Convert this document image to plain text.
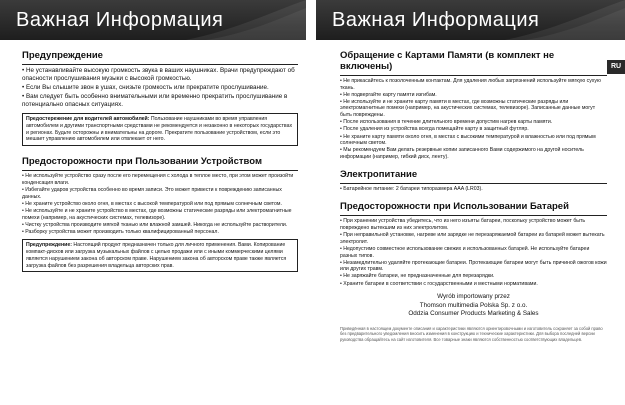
Важная Информация
Предупреждение

• Не устанавливайте высокую громкость звука в ваших наушниках. Врачи предупреждают об опасности прослушивания музыки с высокой громкостью.

• Если Вы слышите звон в ушах, снизьте громкость или прекратите прослушивание.

• Вам следует быть особенно внимательными или временно прекратить прослушивание в потенциально опасных ситуациях.

Предостережение для водителей автомобилей: Пользование наушниками во время управления автомобилем и другими транспортными средствами не рекомендуется и незаконно в некоторых государствах и регионах. Будьте осторожны и внимательны на дороге. Прекратите пользование устройством, если это мешает управлению автомобилем или отвлекает от него.

Предосторожности при Пользовании Устройством

• Не используйте устройство сразу после его перемещения с холода в теплое место, при этом может произойти конденсация влаги.

• Избегайте ударов устройства особенно во время записи. Это может привести к повреждению записанных данных.

• Не храните устройство около огня, в местах с высокой температурой или под прямым солнечным светом.

• Не используйте и не храните устройство в местах, где возможны статические разряды или электромагнитные помехи (например, на акустических системах, телевизоре).

• Чистку устройства производите мягкой тканью или влажной замшей. Никогда не используйте растворители.

• Разборку устройства может производить только квалифицированный персонал.

Предупреждение: Настоящий продукт предназначен только для личного применения. Вами. Копирование компакт-дисков или загрузка музыкальных файлов с целью продажи или с иными коммерческими целями является нарушением закона об авторском праве. Нарушением закона об авторском праве также является загрузка файлов без разрешения владельца авторских прав.

Важная Информация
RU
Обращение с Картами Памяти (в комплект не включены)

• Не прикасайтесь к позолоченным контактам. Для удаления любых загрязнений используйте мягкую сухую ткань.

• Не подвергайте карту памяти изгибам.

• Не используйте и не храните карту памяти в местах, где возможны статические разряды или электромагнитные помехи (например, на акустических системах, телевизоре). Записанные данные могут быть повреждены.

• После использования в течение длительного времени допустим нагрев карты памяти.

• После удаления из устройства всегда помещайте карту в защитный футляр.

• Не храните карту памяти около огня, в местах с высокими температурой и влажностью или под прямым солнечным светом.

• Мы рекомендуем Вам делать резервные копии записанного Вами содержимого на другой носитель информации (например, гибкий диск, ленту).

Электропитание

• Батарейное питание: 2 батареи типоразмера AAA (LR03).

Предосторожности при Использовании Батарей

• При хранении устройства убедитесь, что из него изъяты батареи, поскольку устройство может быть повреждено вытекшим из них электролитом.

• При неправильной установке, нагреве или зарядке не перезаряжаемой батареи из батарей может вытекать электролит.

• Недопустимо совместное использование свежих и использованных батарей. Не используйте батареи разных типов.

• Незамедлительно удаляйте протекающие батареи. Протекающие батареи могут быть причиной ожогов кожи или других травм.

• Не заряжайте батареи, не предназначенные для перезарядки.

• Храните батареи в соответствии с государственными и местными нормативами.

Wyrób importowany przez
Thomson multimedia Polska Sp. z o.o.
Oddzia Consumer Products Marketing & Sales

Приведённая в настоящем документе описания и характеристики являются ориентировочными и изготовитель сохраняет за собой право без предварительного уведомления вносить изменения в конструкцию и технические характеристики. Для выбора последней версии руководства обращайтесь на сайт изготовителя. Все товарные знаки являются собственностью соответствующих владельцев.
